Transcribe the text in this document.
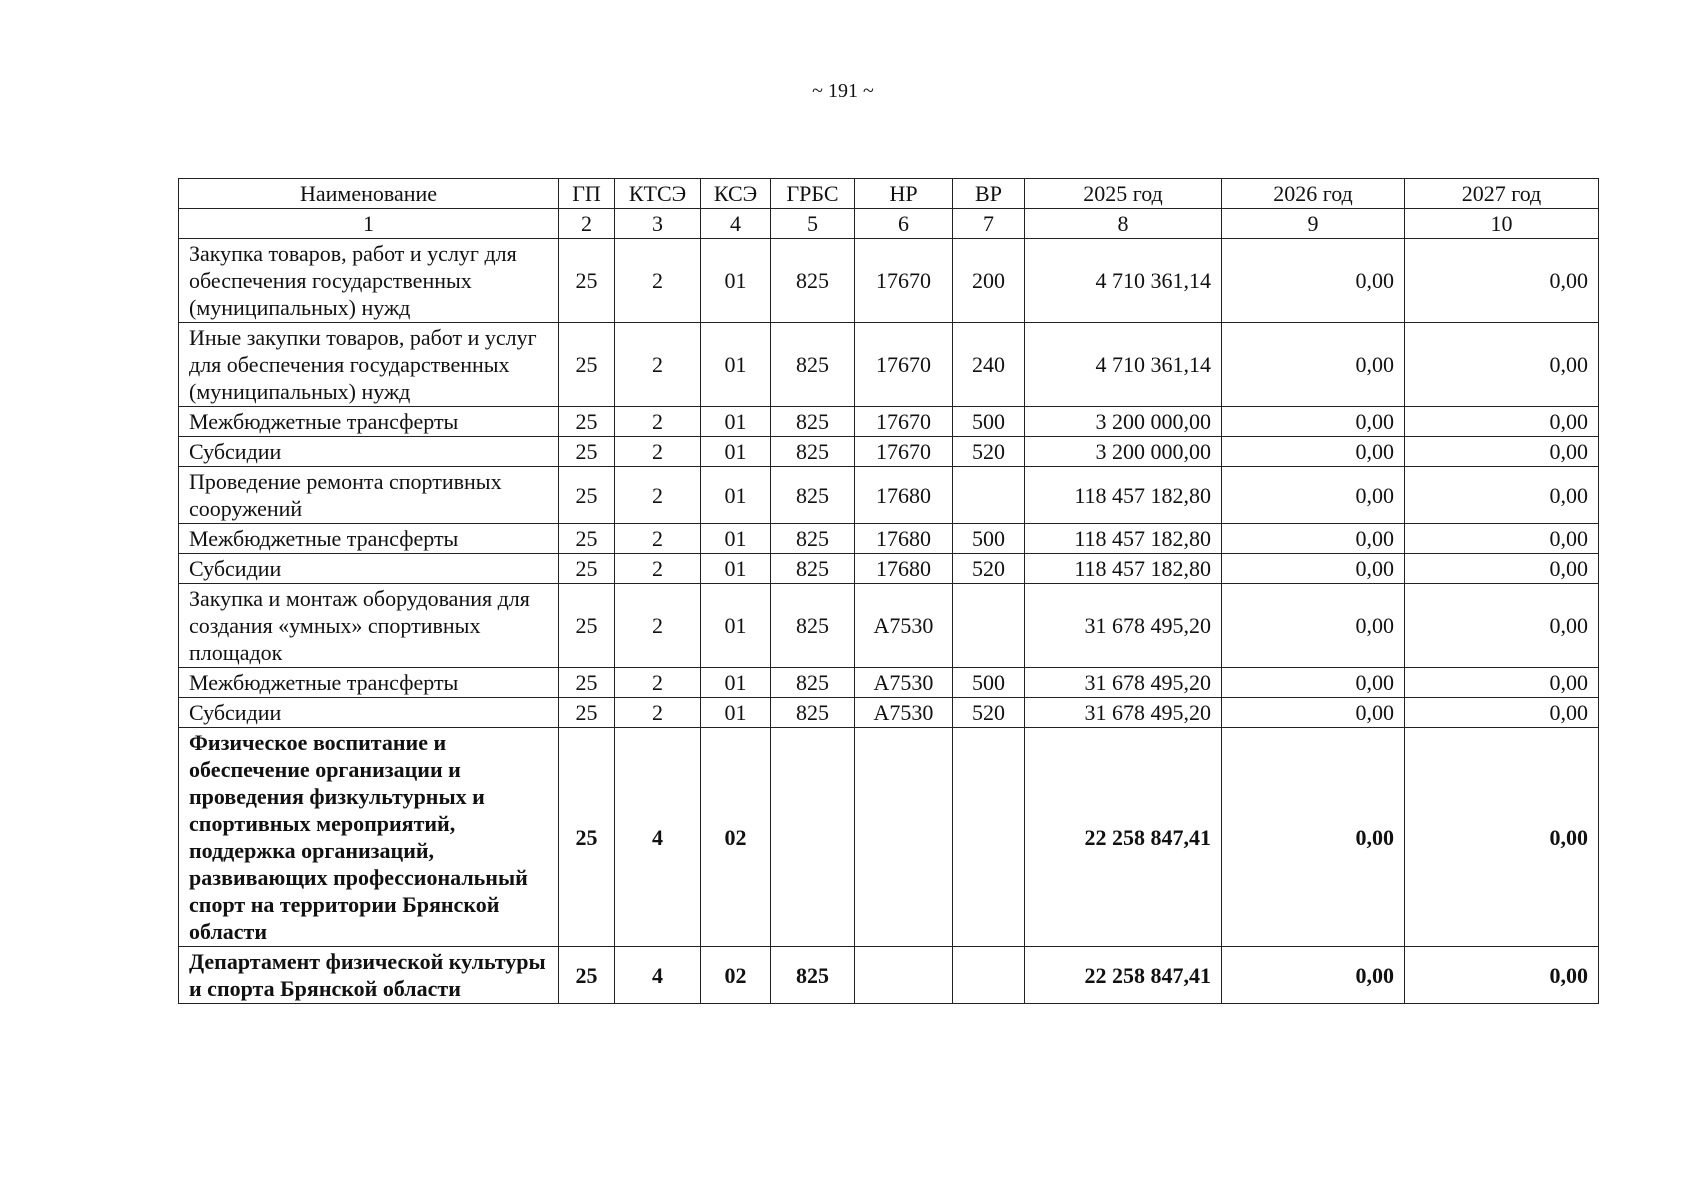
~ 191 ~
Наименование	ГП	КТСЭ	КСЭ	ГРБС	НР	ВР	2025 год	2026 год	2027 год
1	2	3	4	5	6	7	8	9	10
Закупка товаров, работ и услуг для обеспечения государственных (муниципальных) нужд	25	2	01	825	17670	200	4 710 361,14	0,00	0,00
Иные закупки товаров, работ и услуг для обеспечения государственных (муниципальных) нужд	25	2	01	825	17670	240	4 710 361,14	0,00	0,00
Межбюджетные трансферты	25	2	01	825	17670	500	3 200 000,00	0,00	0,00
Субсидии	25	2	01	825	17670	520	3 200 000,00	0,00	0,00
Проведение ремонта спортивных сооружений	25	2	01	825	17680		118 457 182,80	0,00	0,00
Межбюджетные трансферты	25	2	01	825	17680	500	118 457 182,80	0,00	0,00
Субсидии	25	2	01	825	17680	520	118 457 182,80	0,00	0,00
Закупка и монтаж оборудования для создания «умных» спортивных площадок	25	2	01	825	А7530		31 678 495,20	0,00	0,00
Межбюджетные трансферты	25	2	01	825	А7530	500	31 678 495,20	0,00	0,00
Субсидии	25	2	01	825	А7530	520	31 678 495,20	0,00	0,00
Физическое воспитание и обеспечение организации и проведения физкультурных и спортивных мероприятий, поддержка организаций, развивающих профессиональный спорт на территории Брянской области	25	4	02				22 258 847,41	0,00	0,00
Департамент физической культуры и спорта Брянской области	25	4	02	825			22 258 847,41	0,00	0,00
